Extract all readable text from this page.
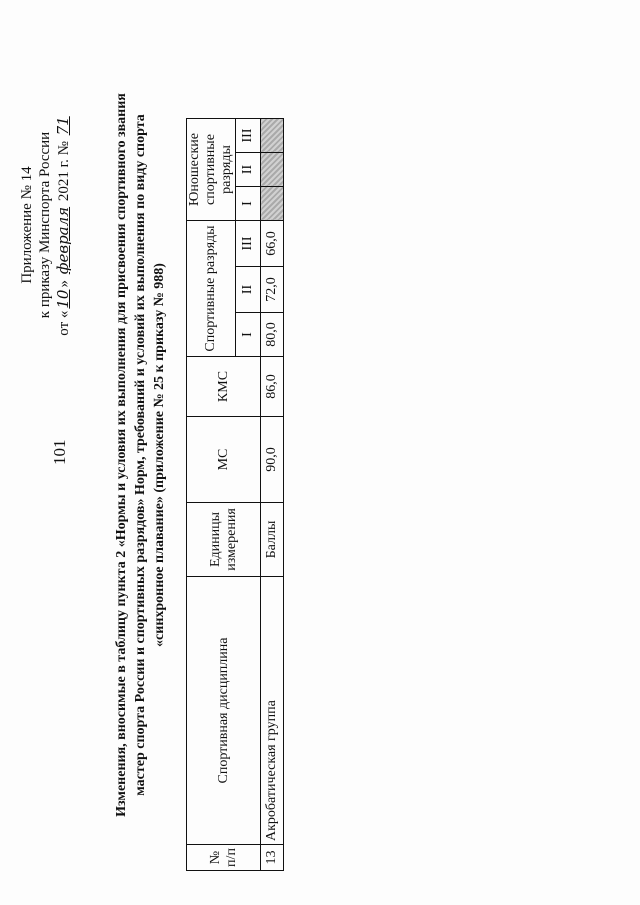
101
Приложение № 14 к приказу Минспорта России
от «10» февраля 2021 г. № 71	Изменения, вносимые в таблицу пункта 2 «Нормы и условия их выполнения для присвоения спортивного звания мастер спорта России и спортивных разрядов» Норм, требований и условий их выполнения по виду спорта «синхронное плавание» (приложение № 25 к приказу № 988)
№ п/п	Спортивная дисциплина	Единицы измерения	МС	КМС	Спортивные разряды			Юношеские спортивные разряды		
					I	II	III	I	II	III
13	Акробатическая группа	Баллы	90,0	86,0	80,0	72,0	66,0			
